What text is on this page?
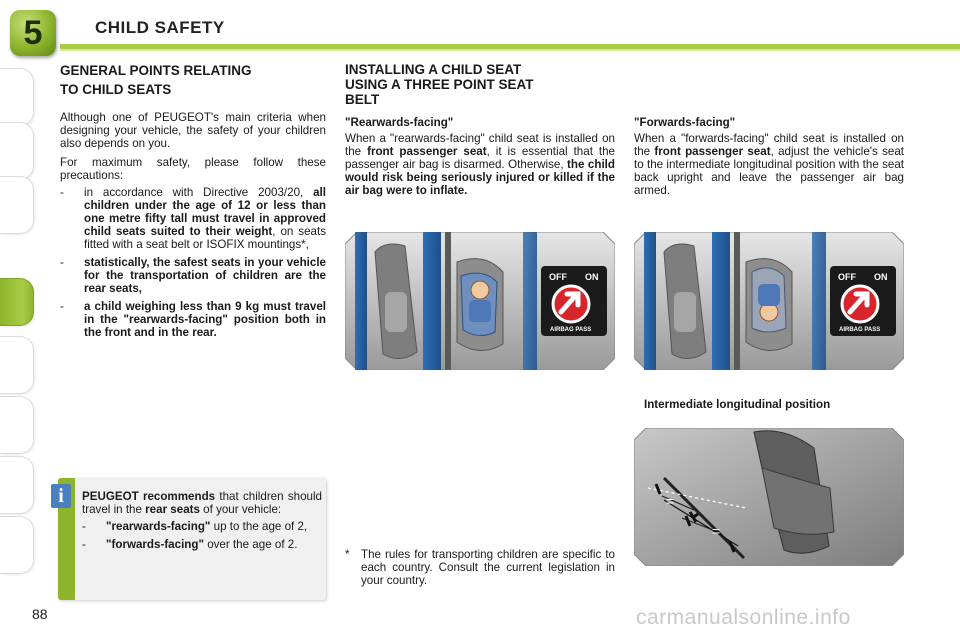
5	CHILD SAFETY
GENERAL POINTS RELATING
TO CHILD SEATS
Although one of PEUGEOT's main criteria when designing your vehicle, the safety of your children also depends on you.
For maximum safety, please follow these precautions:
-	in accordance with Directive 2003/20, all children under the age of 12 or less than one metre fifty tall must travel in approved child seats suited to their weight, on seats fitted with a seat belt or ISOFIX mountings*,
-	statistically, the safest seats in your vehicle for the transportation of children are the rear seats,
-	a child weighing less than 9 kg must travel in the "rearwards-facing" position both in the front and in the rear.
i	PEUGEOT recommends that children should travel in the rear seats of your vehicle:
-	"rearwards-facing" up to the age of 2,
-	"forwards-facing" over the age of 2.
INSTALLING A CHILD SEAT
USING A THREE POINT SEAT
BELT
"Rearwards-facing"
When a "rearwards-facing" child seat is installed on the front passenger seat, it is essential that the passenger air bag is disarmed. Otherwise, the child would risk being seriously injured or killed if the air bag were to inflate.
"Forwards-facing"
When a "forwards-facing" child seat is installed on the front passenger seat, adjust the vehicle's seat to the intermediate longitudinal position with the seat back upright and leave the passenger air bag armed.
OFF ON
AIRBAG PASS
OFF ON
AIRBAG PASS
Intermediate longitudinal position
=
=
* The rules for transporting children are specific to each country. Consult the current legislation in your country.
88	carmanualsonline.info
